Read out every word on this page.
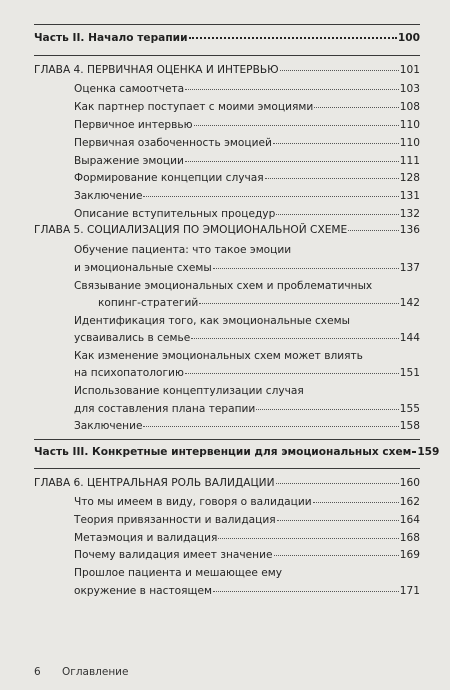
Часть II. Начало терапии	100
ГЛАВА 4. ПЕРВИЧНАЯ ОЦЕНКА И ИНТЕРВЬЮ	101
Оценка самоотчета	103
Как партнер поступает с моими эмоциями	108
Первичное интервью	110
Первичная озабоченность эмоцией	110
Выражение эмоции	111
Формирование концепции случая	128
Заключение	131
Описание вступительных процедур	132
ГЛАВА 5. СОЦИАЛИЗАЦИЯ ПО ЭМОЦИОНАЛЬНОЙ СХЕМЕ	136
Обучение пациента: что такое эмоции
и эмоциональные схемы	137
Связывание эмоциональных схем и проблематичных
копинг-стратегий	142
Идентификация того, как эмоциональные схемы
усваивались в семье	144
Как изменение эмоциональных схем может влиять
на психопатологию	151
Использование концептулизации случая
для составления плана терапии	155
Заключение	158
Часть III. Конкретные интервенции для эмоциональных схем 159
ГЛАВА 6. ЦЕНТРАЛЬНАЯ РОЛЬ ВАЛИДАЦИИ	160
Что мы имеем в виду, говоря о валидации	162
Теория привязанности и валидация	164
Метаэмоция и валидация	168
Почему валидация имеет значение	169
Прошлое пациента и мешающее ему
окружение в настоящем	171
6 Оглавление
